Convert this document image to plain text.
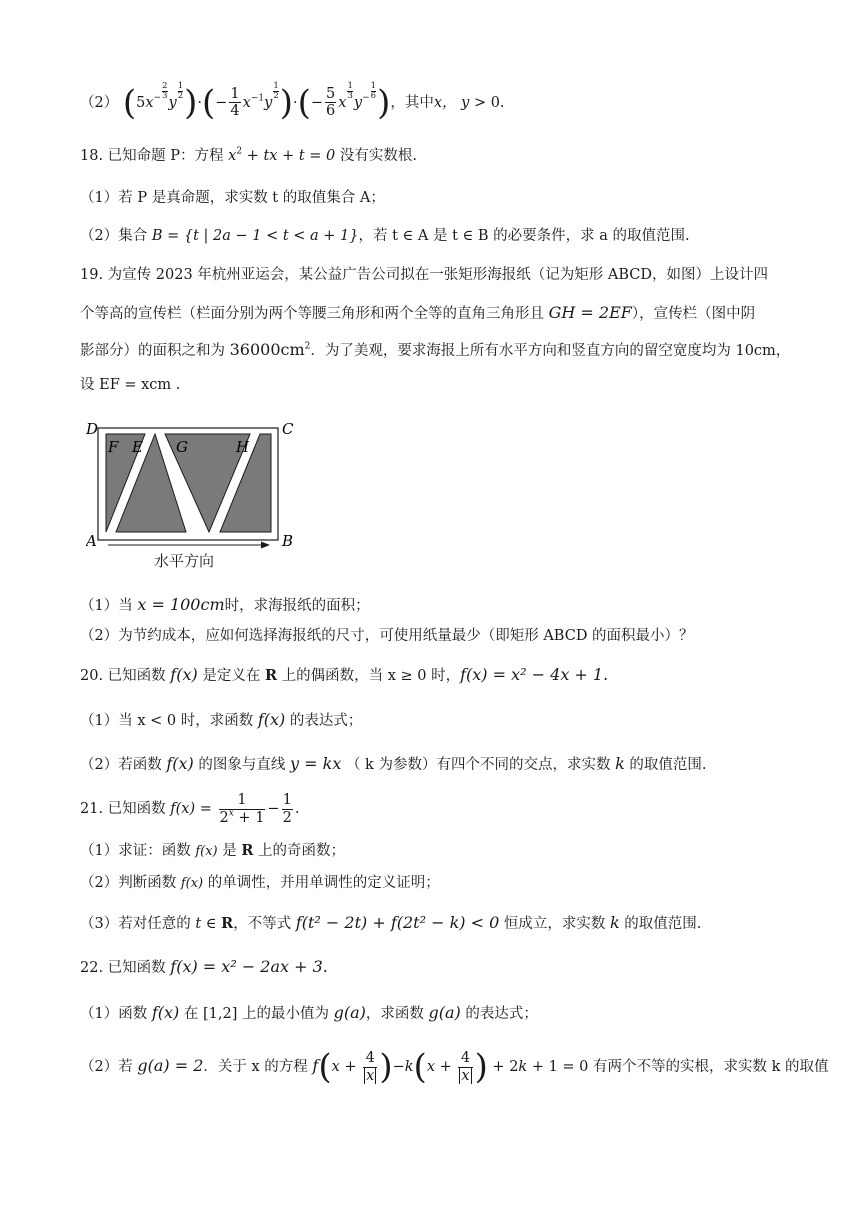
（2） ($5x^{- \frac{2}{3}}$
y
$^{\frac{1}{2}}$ )·(− $\frac{1}{4} x^{-1}y$
$^{\frac{1}{2}}$ )·(− $\frac{5}{6}$ x
$^{\frac{1}{3}}$
$y^{- \frac{1}{6}}$ )，其中x， y > 0.
18. 已知命题 P：方程 $x^2$ + tx + t = 0 没有实数根.
（1）若 P 是真命题，求实数 t 的取值集合 A；
（2）集合 B = {t | 2a − 1 < t < a + 1}，若 t ∈ A 是 t ∈ B 的必要条件，求 a 的取值范围.
19. 为宣传 2023 年杭州亚运会，某公益广告公司拟在一张矩形海报纸（记为矩形 ABCD，如图）上设计四
个等高的宣传栏（栏面分别为两个等腰三角形和两个全等的直角三角形且 GH = 2EF），宣传栏（图中阴
影部分）的面积之和为 $36000cm^2$．为了美观，要求海报上所有水平方向和竖直方向的留空宽度均为 10cm，
设 EF = xcm .
D	C
A	B
F E G	H
水平方向
（1）当 x = 100cm时，求海报纸的面积；
（2）为节约成本，应如何选择海报纸的尺寸，可使用纸量最少（即矩形 ABCD 的面积最小）？
20. 已知函数 f(x) 是定义在 R 上的偶函数，当 x ≥ 0 时，f(x) = x² − 4x + 1.
（1）当 x < 0 时，求函数 f(x) 的表达式；
（2）若函数 f(x) 的图象与直线 y = kx （ k 为参数）有四个不同的交点，求实数 k 的取值范围.
21. 已知函数 $f(x) = \frac{1}{2^x + 1} - \frac{1}{2}$ .
（1）求证：函数 f(x) 是 R 上的奇函数；
（2）判断函数 f(x) 的单调性，并用单调性的定义证明；
（3）若对任意的 t ∈ R，不等式 f(t² − 2t) + f(2t² − k) < 0 恒成立，求实数 k 的取值范围.
22. 已知函数 f(x) = x² − 2ax + 3.
（1）函数 f(x) 在 [1,2] 上的最小值为 g(a)，求函数 g(a) 的表达式；
（2）若 g(a) = 2．关于 x 的方程 $f(x + \frac{4}{x} )-k(x + \frac{4}{x}$ ) + 2k + 1 = 0 有两个不等的实根，求实数 k 的取值
